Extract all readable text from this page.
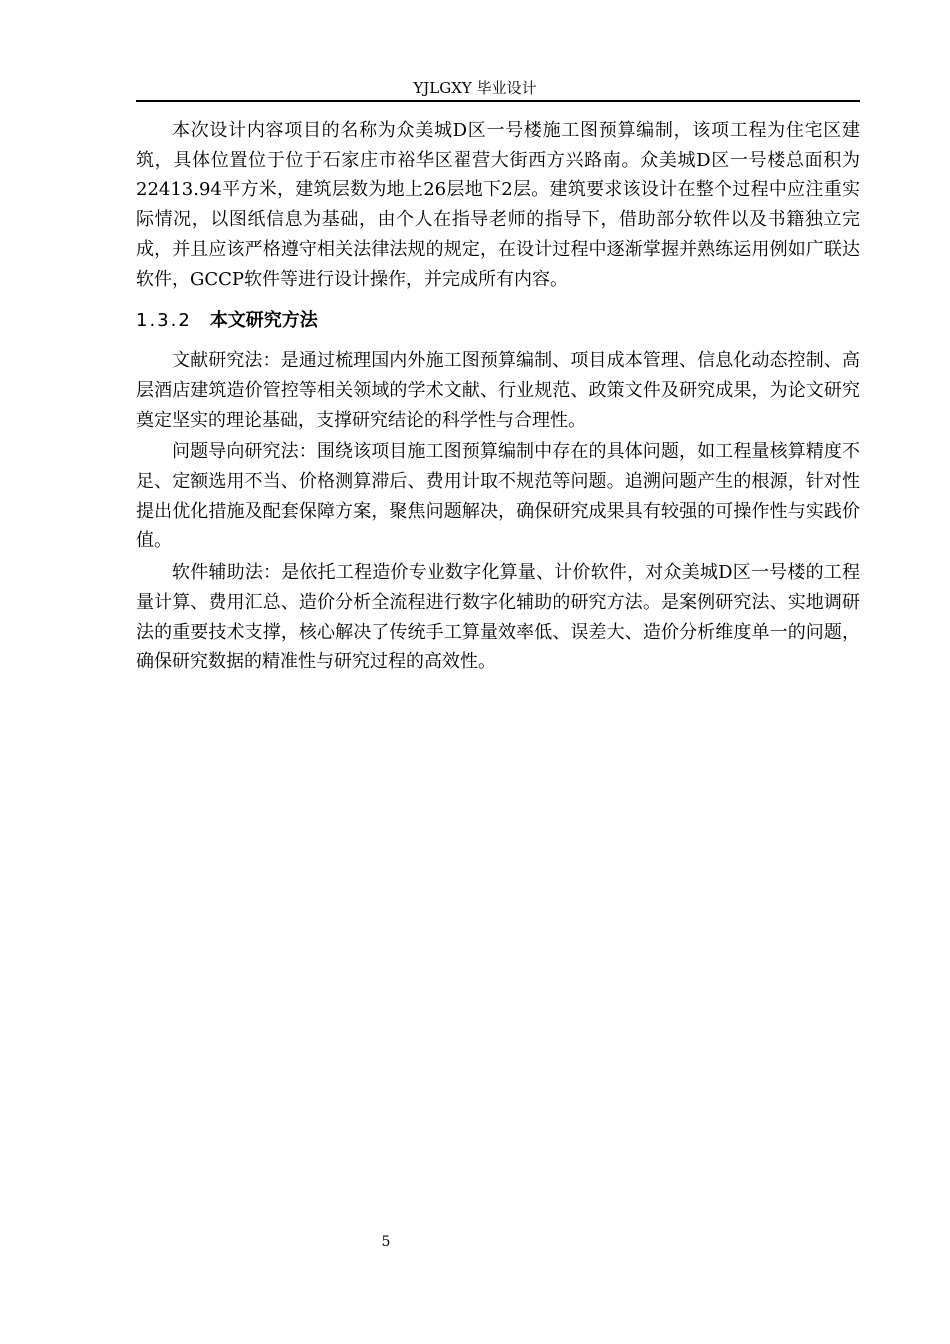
YJLGXY 毕业设计

本次设计内容项目的名称为众美城D区一号楼施工图预算编制，该项工程为住宅区建筑，具体位置位于位于石家庄市裕华区翟营大街西方兴路南。众美城D区一号楼总面积为22413.94平方米，建筑层数为地上26层地下2层。建筑要求该设计在整个过程中应注重实际情况，以图纸信息为基础，由个人在指导老师的指导下，借助部分软件以及书籍独立完成，并且应该严格遵守相关法律法规的规定，在设计过程中逐渐掌握并熟练运用例如广联达软件，GCCP软件等进行设计操作，并完成所有内容。

1.3.2 本文研究方法

文献研究法：是通过梳理国内外施工图预算编制、项目成本管理、信息化动态控制、高层酒店建筑造价管控等相关领域的学术文献、行业规范、政策文件及研究成果，为论文研究奠定坚实的理论基础，支撑研究结论的科学性与合理性。

问题导向研究法：围绕该项目施工图预算编制中存在的具体问题，如工程量核算精度不足、定额选用不当、价格测算滞后、费用计取不规范等问题。追溯问题产生的根源，针对性提出优化措施及配套保障方案，聚焦问题解决，确保研究成果具有较强的可操作性与实践价值。

软件辅助法：是依托工程造价专业数字化算量、计价软件，对众美城D区一号楼的工程量计算、费用汇总、造价分析全流程进行数字化辅助的研究方法。是案例研究法、实地调研法的重要技术支撑，核心解决了传统手工算量效率低、误差大、造价分析维度单一的问题，确保研究数据的精准性与研究过程的高效性。

5
